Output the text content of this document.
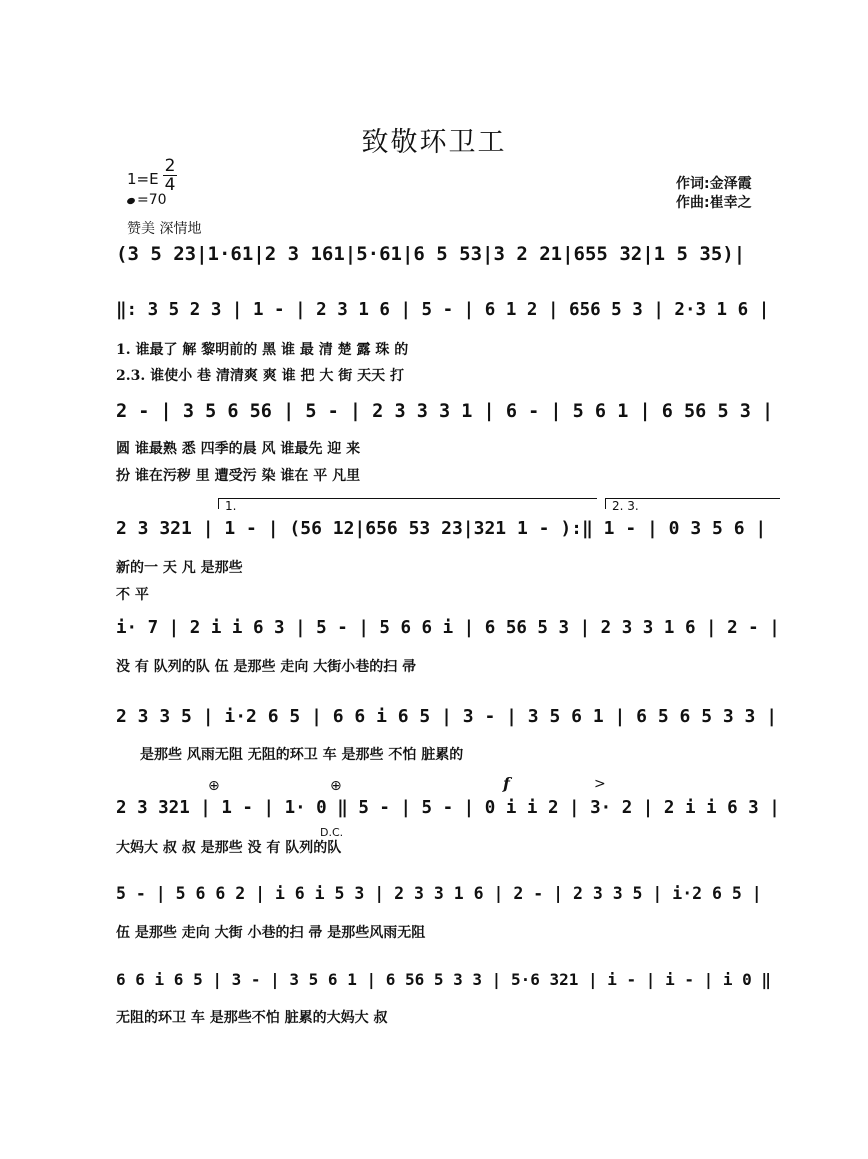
致敬环卫工
1=E
2
4
=70
赞美 深情地
作词:金泽霞
作曲:崔幸之
(3 5 23|1·61|2 3 161|5·61|6 5 53|3 2 21|655 32|1 5 35)|
‖: 3 5 2 3 | 1 - | 2 3 1 6 | 5 - | 6 1 2 | 656 5 3 | 2·3 1 6 |
1. 谁最了 解 黎明前的 黑 谁 最 清 楚 露 珠 的
2.3. 谁使小 巷 清清爽 爽 谁 把 大 街 天天 打
2 - | 3 5 6 56 | 5 - | 2 3 3 3 1 | 6 - | 5 6 1 | 6 56 5 3 |
圆 谁最熟 悉 四季的晨 风 谁最先 迎 来
扮 谁在污秽 里 遭受污 染 谁在 平 凡里
1.	2. 3.
2 3 321 | 1 - | (56 12|656 53 23|321 1 - ):‖ 1 - | 0 3 5 6 |
新的一 天 凡 是那些
不 平
i· 7 | 2 i i 6 3 | 5 - | 5 6 6 i | 6 56 5 3 | 2 3 3 1 6 | 2 - |
没 有 队列的队 伍 是那些 走向 大街小巷的扫 帚
2 3 3 5 | i·2 6 5 | 6 6 i 6 5 | 3 - | 3 5 6 1 | 6 5 6 5 3 3 |
是那些 风雨无阻 无阻的环卫 车 是那些 不怕 脏累的
⊕	⊕	f	>
2 3 321 | 1 - | 1· 0 ‖ 5 - | 5 - | 0 i i 2 | 3· 2 | 2 i i 6 3 |
D.C.
大妈大 叔 叔 是那些 没 有 队列的队
5 - | 5 6 6 2 | i 6 i 5 3 | 2 3 3 1 6 | 2 - | 2 3 3 5 | i·2 6 5 |
伍 是那些 走向 大街 小巷的扫 帚 是那些风雨无阻
6 6 i 6 5 | 3 - | 3 5 6 1 | 6 56 5 3 3 | 5·6 321 | i - | i - | i 0 ‖
无阻的环卫 车 是那些不怕 脏累的大妈大 叔
